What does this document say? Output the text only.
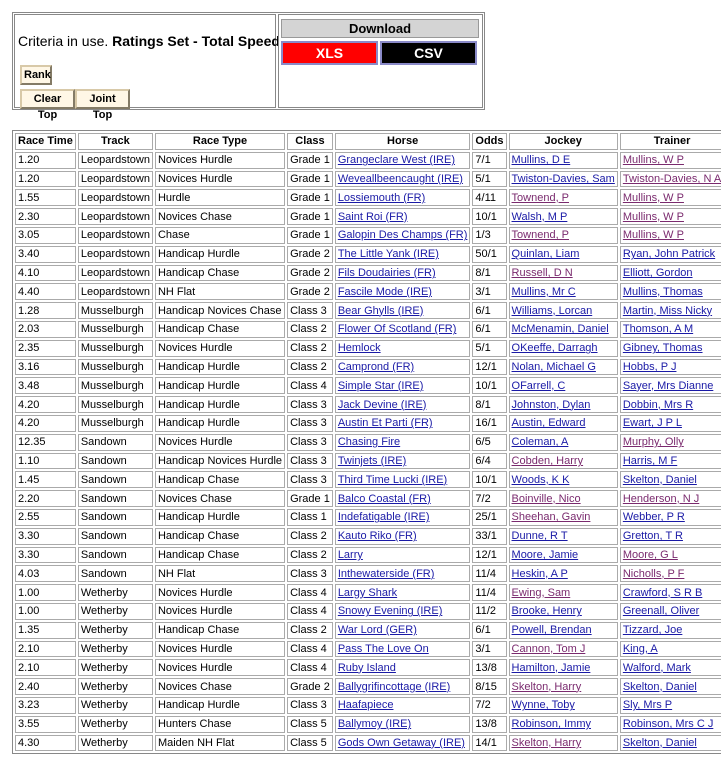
Criteria in use. Ratings Set - Total Speed
Rank
Clear Top
Joint Top
Download
XLS	CSV
Race Time	Track	Race Type	Class	Horse	Odds	Jockey	Trainer
1.20	Leopardstown	Novices Hurdle	Grade 1	Grangeclare West (IRE)	7/1	Mullins, D E	Mullins, W P
1.20	Leopardstown	Novices Hurdle	Grade 1	Weveallbeencaught (IRE)	5/1	Twiston-Davies, Sam	Twiston-Davies, N A
1.55	Leopardstown	Hurdle	Grade 1	Lossiemouth (FR)	4/11	Townend, P	Mullins, W P
2.30	Leopardstown	Novices Chase	Grade 1	Saint Roi (FR)	10/1	Walsh, M P	Mullins, W P
3.05	Leopardstown	Chase	Grade 1	Galopin Des Champs (FR)	1/3	Townend, P	Mullins, W P
3.40	Leopardstown	Handicap Hurdle	Grade 2	The Little Yank (IRE)	50/1	Quinlan, Liam	Ryan, John Patrick
4.10	Leopardstown	Handicap Chase	Grade 2	Fils Doudairies (FR)	8/1	Russell, D N	Elliott, Gordon
4.40	Leopardstown	NH Flat	Grade 2	Fascile Mode (IRE)	3/1	Mullins, Mr C	Mullins, Thomas
1.28	Musselburgh	Handicap Novices Chase	Class 3	Bear Ghylls (IRE)	6/1	Williams, Lorcan	Martin, Miss Nicky
2.03	Musselburgh	Handicap Chase	Class 2	Flower Of Scotland (FR)	6/1	McMenamin, Daniel	Thomson, A M
2.35	Musselburgh	Novices Hurdle	Class 2	Hemlock	5/1	OKeeffe, Darragh	Gibney, Thomas
3.16	Musselburgh	Handicap Hurdle	Class 2	Camprond (FR)	12/1	Nolan, Michael G	Hobbs, P J
3.48	Musselburgh	Handicap Hurdle	Class 4	Simple Star (IRE)	10/1	OFarrell, C	Sayer, Mrs Dianne
4.20	Musselburgh	Handicap Hurdle	Class 3	Jack Devine (IRE)	8/1	Johnston, Dylan	Dobbin, Mrs R
4.20	Musselburgh	Handicap Hurdle	Class 3	Austin Et Parti (FR)	16/1	Austin, Edward	Ewart, J P L
12.35	Sandown	Novices Hurdle	Class 3	Chasing Fire	6/5	Coleman, A	Murphy, Olly
1.10	Sandown	Handicap Novices Hurdle	Class 3	Twinjets (IRE)	6/4	Cobden, Harry	Harris, M F
1.45	Sandown	Handicap Chase	Class 3	Third Time Lucki (IRE)	10/1	Woods, K K	Skelton, Daniel
2.20	Sandown	Novices Chase	Grade 1	Balco Coastal (FR)	7/2	Boinville, Nico	Henderson, N J
2.55	Sandown	Handicap Hurdle	Class 1	Indefatigable (IRE)	25/1	Sheehan, Gavin	Webber, P R
3.30	Sandown	Handicap Chase	Class 2	Kauto Riko (FR)	33/1	Dunne, R T	Gretton, T R
3.30	Sandown	Handicap Chase	Class 2	Larry	12/1	Moore, Jamie	Moore, G L
4.03	Sandown	NH Flat	Class 3	Inthewaterside (FR)	11/4	Heskin, A P	Nicholls, P F
1.00	Wetherby	Novices Hurdle	Class 4	Largy Shark	11/4	Ewing, Sam	Crawford, S R B
1.00	Wetherby	Novices Hurdle	Class 4	Snowy Evening (IRE)	11/2	Brooke, Henry	Greenall, Oliver
1.35	Wetherby	Handicap Chase	Class 2	War Lord (GER)	6/1	Powell, Brendan	Tizzard, Joe
2.10	Wetherby	Novices Hurdle	Class 4	Pass The Love On	3/1	Cannon, Tom J	King, A
2.10	Wetherby	Novices Hurdle	Class 4	Ruby Island	13/8	Hamilton, Jamie	Walford, Mark
2.40	Wetherby	Novices Chase	Grade 2	Ballygrifincottage (IRE)	8/15	Skelton, Harry	Skelton, Daniel
3.23	Wetherby	Handicap Hurdle	Class 3	Haafapiece	7/2	Wynne, Toby	Sly, Mrs P
3.55	Wetherby	Hunters Chase	Class 5	Ballymoy (IRE)	13/8	Robinson, Immy	Robinson, Mrs C J
4.30	Wetherby	Maiden NH Flat	Class 5	Gods Own Getaway (IRE)	14/1	Skelton, Harry	Skelton, Daniel
